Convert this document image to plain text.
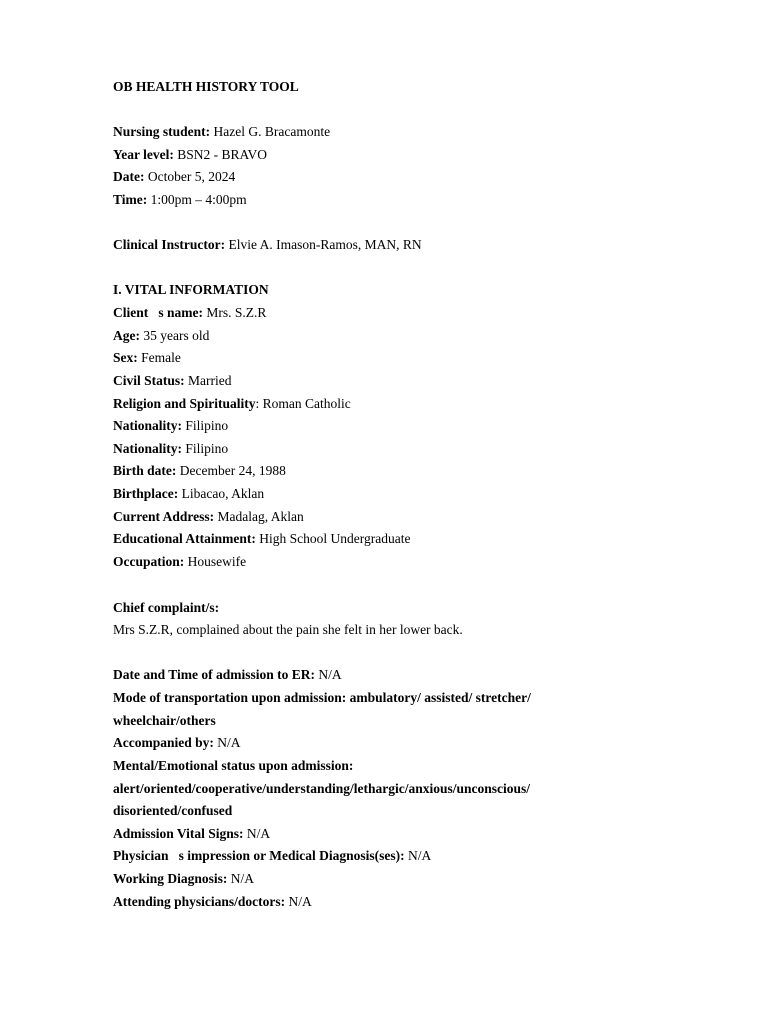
OB HEALTH HISTORY TOOL
Nursing student: Hazel G. Bracamonte
Year level: BSN2 - BRAVO
Date: October 5, 2024
Time: 1:00pm – 4:00pm
Clinical Instructor: Elvie A. Imason-Ramos, MAN, RN
I. VITAL INFORMATION
Client   s name: Mrs. S.Z.R
Age: 35 years old
Sex: Female
Civil Status: Married
Religion and Spirituality: Roman Catholic
Nationality: Filipino
Nationality: Filipino
Birth date: December 24, 1988
Birthplace: Libacao, Aklan
Current Address: Madalag, Aklan
Educational Attainment: High School Undergraduate
Occupation: Housewife
Chief complaint/s:
Mrs S.Z.R, complained about the pain she felt in her lower back.
Date and Time of admission to ER: N/A
Mode of transportation upon admission: ambulatory/ assisted/ stretcher/
wheelchair/others
Accompanied by: N/A
Mental/Emotional status upon admission:
alert/oriented/cooperative/understanding/lethargic/anxious/unconscious/
disoriented/confused
Admission Vital Signs: N/A
Physician   s impression or Medical Diagnosis(ses): N/A
Working Diagnosis: N/A
Attending physicians/doctors: N/A
